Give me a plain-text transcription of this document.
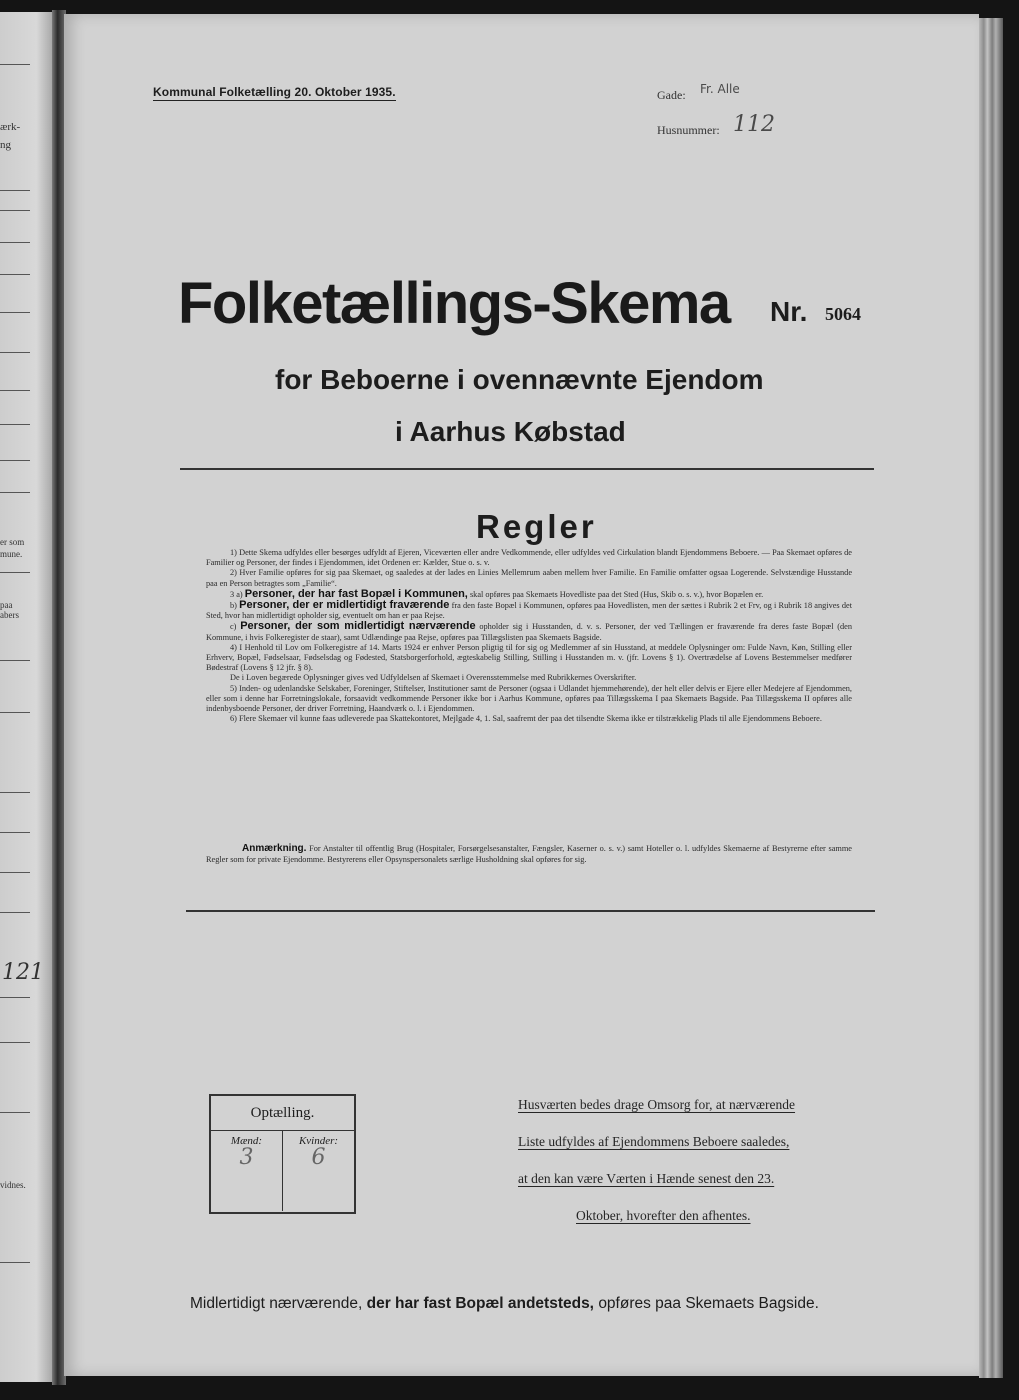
ærk-
ng
er som
mune.
paa
abers
121
vidnes.
Kommunal Folketælling 20. Oktober 1935.	Gade: Fr. Alle
Husnummer: 112
Folketællings-Skema Nr. 5064
for Beboerne i ovennævnte Ejendom
i Aarhus Købstad
Regler

1) Dette Skema udfyldes eller besørges udfyldt af Ejeren, Viceværten eller andre Vedkommende, eller udfyldes ved Cirkulation blandt Ejendommens Beboere. — Paa Skemaet opføres de Familier og Personer, der findes i Ejendommen, idet Ordenen er: Kælder, Stue o. s. v.

2) Hver Familie opføres for sig paa Skemaet, og saaledes at der lades en Linies Mellemrum aaben mellem hver Familie. En Familie omfatter ogsaa Logerende. Selvstændige Husstande paa en Person betragtes som „Familie“.

3 a) Personer, der har fast Bopæl i Kommunen, skal opføres paa Skemaets Hovedliste paa det Sted (Hus, Skib o. s. v.), hvor Bopælen er.

b) Personer, der er midlertidigt fraværende fra den faste Bopæl i Kommunen, opføres paa Hovedlisten, men der sættes i Rubrik 2 et Frv, og i Rubrik 18 angives det Sted, hvor han midlertidigt opholder sig, eventuelt om han er paa Rejse.

c) Personer, der som midlertidigt nærværende opholder sig i Husstanden, d. v. s. Personer, der ved Tællingen er fraværende fra deres faste Bopæl (den Kommune, i hvis Folkeregister de staar), samt Udlændinge paa Rejse, opføres paa Tillægslisten paa Skemaets Bagside.

4) I Henhold til Lov om Folkeregistre af 14. Marts 1924 er enhver Person pligtig til for sig og Medlemmer af sin Husstand, at meddele Oplysninger om: Fulde Navn, Køn, Stilling eller Erhverv, Bopæl, Fødselsaar, Fødselsdag og Fødested, Statsborgerforhold, ægteskabelig Stilling, Stilling i Husstanden m. v. (jfr. Lovens § 1). Overtrædelse af Lovens Bestemmelser medfører Bødestraf (Lovens § 12 jfr. § 8).

De i Loven begærede Oplysninger gives ved Udfyldelsen af Skemaet i Overensstemmelse med Rubrikkernes Overskrifter.

5) Inden- og udenlandske Selskaber, Foreninger, Stiftelser, Institutioner samt de Personer (ogsaa i Udlandet hjemmehørende), der helt eller delvis er Ejere eller Medejere af Ejendommen, eller som i denne har Forretningslokale, forsaavidt vedkommende Personer ikke bor i Aarhus Kommune, opføres paa Tillægsskema I paa Skemaets Bagside. Paa Tillægsskema II opføres alle indenbysboende Personer, der driver Forretning, Haandværk o. l. i Ejendommen.

6) Flere Skemaer vil kunne faas udleverede paa Skattekontoret, Mejlgade 4, 1. Sal, saafremt der paa det tilsendte Skema ikke er tilstrækkelig Plads til alle Ejendommens Beboere.

Anmærkning. For Anstalter til offentlig Brug (Hospitaler, Forsørgelsesanstalter, Fængsler, Kaserner o. s. v.) samt Hoteller o. l. udfyldes Skemaerne af Bestyrerne efter samme Regler som for private Ejendomme. Bestyrerens eller Opsynspersonalets særlige Husholdning skal opføres for sig.

Optælling.
Mænd:
3
Kvinder:
6
Husværten bedes drage Omsorg for, at nærværende
Liste udfyldes af Ejendommens Beboere saaledes,
at den kan være Værten i Hænde senest den 23.
Oktober, hvorefter den afhentes.
Midlertidigt nærværende, der har fast Bopæl andetsteds, opføres paa Skemaets Bagside.
